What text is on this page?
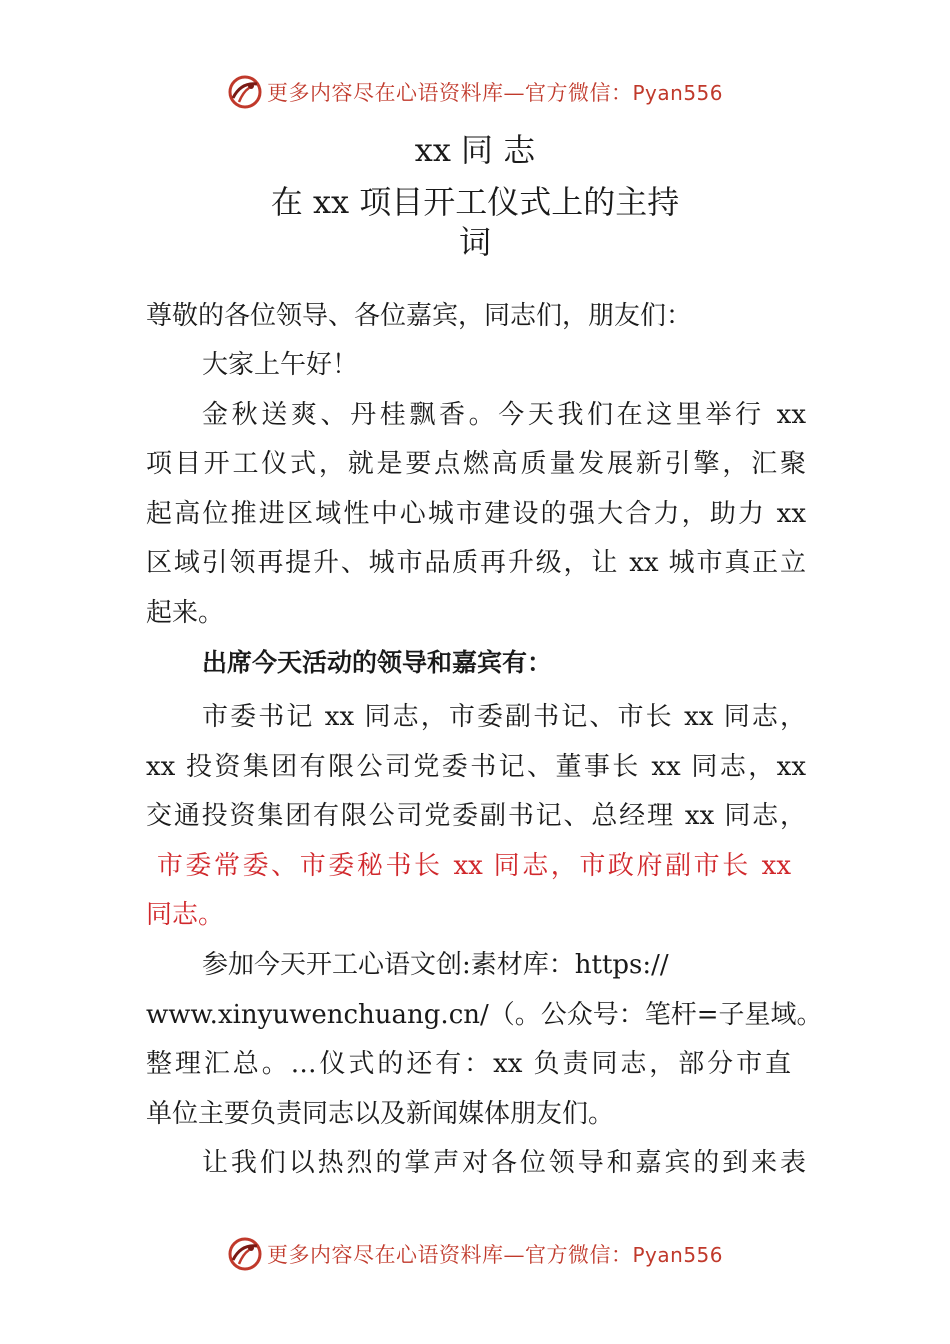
更多内容尽在心语资料库—官方微信：Pyan556
xx 同 志
在 xx 项目开工仪式上的主持
词
尊敬的各位领导、各位嘉宾，同志们，朋友们：
大家上午好！
金秋送爽、丹桂飘香。今天我们在这里举行 xx
项目开工仪式，就是要点燃高质量发展新引擎，汇聚
起高位推进区域性中心城市建设的强大合力，助力 xx
区域引领再提升、城市品质再升级，让 xx 城市真正立
起来。
出席今天活动的领导和嘉宾有：
市委书记 xx 同志，市委副书记、市长 xx 同志，
xx 投资集团有限公司党委书记、董事长 xx 同志，xx
交通投资集团有限公司党委副书记、总经理 xx 同志，
市委常委、市委秘书长 xx 同志，市政府副市长 xx
同志。
参加今天开工心语文创:素材库：https://
www.xinyuwenchuang.cn/（。公众号：笔杆=子星域。
整理汇总。…仪式的还有：xx 负责同志，部分市直
单位主要负责同志以及新闻媒体朋友们。
让我们以热烈的掌声对各位领导和嘉宾的到来表
更多内容尽在心语资料库—官方微信：Pyan556
